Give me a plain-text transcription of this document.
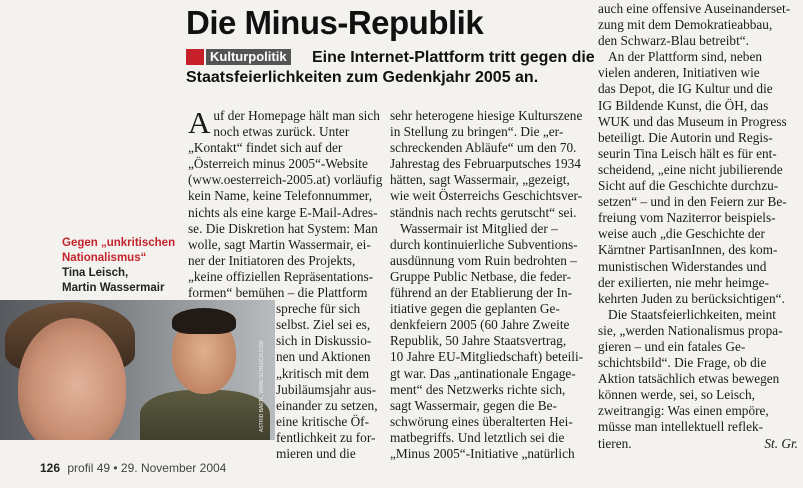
Die Minus-Republik
Kulturpolitik	Eine Internet-Plattform tritt gegen die Staatsfeierlichkeiten zum Gedenkjahr 2005 an.
A uf der Homepage hält man sich
noch etwas zurück. Unter
„Kontakt“ findet sich auf der
„Österreich minus 2005“-Website
(www.oesterreich-2005.at) vorläufig
kein Name, keine Telefonnummer,
nichts als eine karge E-Mail-Adres-
se. Die Diskretion hat System: Man
wolle, sagt Martin Wassermair, ei-
ner der Initiatoren des Projekts,
„keine offiziellen Repräsentations-
formen“ bemühen – die Plattform
spreche für sich
selbst. Ziel sei es,
sich in Diskussio-
nen und Aktionen
„kritisch mit dem
Jubiläumsjahr aus-
einander zu setzen,
eine kritische Öf-
fentlichkeit zu for-
mieren und die
sehr heterogene hiesige Kulturszene
in Stellung zu bringen“. Die „er-
schreckenden Abläufe“ um den 70.
Jahrestag des Februarputsches 1934
hätten, sagt Wassermair, „gezeigt,
wie weit Österreichs Geschichtsver-
ständnis nach rechts gerutscht“ sei.
Wassermair ist Mitglied der –
durch kontinuierliche Subventions-
ausdünnung vom Ruin bedrohten –
Gruppe Public Netbase, die feder-
führend an der Etablierung der In-
itiative gegen die geplanten Ge-
denkfeiern 2005 (60 Jahre Zweite
Republik, 50 Jahre Staatsvertrag,
10 Jahre EU-Mitgliedschaft) beteili-
gt war. Das „antinationale Engage-
ment“ des Netzwerks richte sich,
sagt Wassermair, gegen die Be-
schwörung eines überalterten Hei-
matbegriffs. Und letztlich sei die
„Minus 2005“-Initiative „natürlich
auch eine offensive Auseinanderset-
zung mit dem Demokratieabbau,
den Schwarz-Blau betreibt“.
An der Plattform sind, neben
vielen anderen, Initiativen wie
das Depot, die IG Kultur und die
IG Bildende Kunst, die ÖH, das
WUK und das Museum in Progress
beteiligt. Die Autorin und Regis-
seurin Tina Leisch hält es für ent-
scheidend, „eine nicht jubilierende
Sicht auf die Geschichte durchzu-
setzen“ – und in den Feiern zur Be-
freiung vom Naziterror beispiels-
weise auch „die Geschichte der
Kärntner PartisanInnen, des kom-
munistischen Widerstandes und
der exilierten, nie mehr heimge-
kehrten Juden zu berücksichtigen“.
Die Staatsfeierlichkeiten, meint
sie, „werden Nationalismus propa-
gieren – und ein fatales Ge-
schichtsbild“. Die Frage, ob die
Aktion tatsächlich etwas bewegen
können werde, sei, so Leisch,
zweitrangig: Was einen empöre,
müsse man intellektuell reflek-
tieren.	St. Gr.
Gegen „unkritischen
Nationalismus“
Tina Leisch,
Martin Wassermair
ASTRID BARTL, WWW.SCHEUCH.COM
126 profil 49 • 29. November 2004
